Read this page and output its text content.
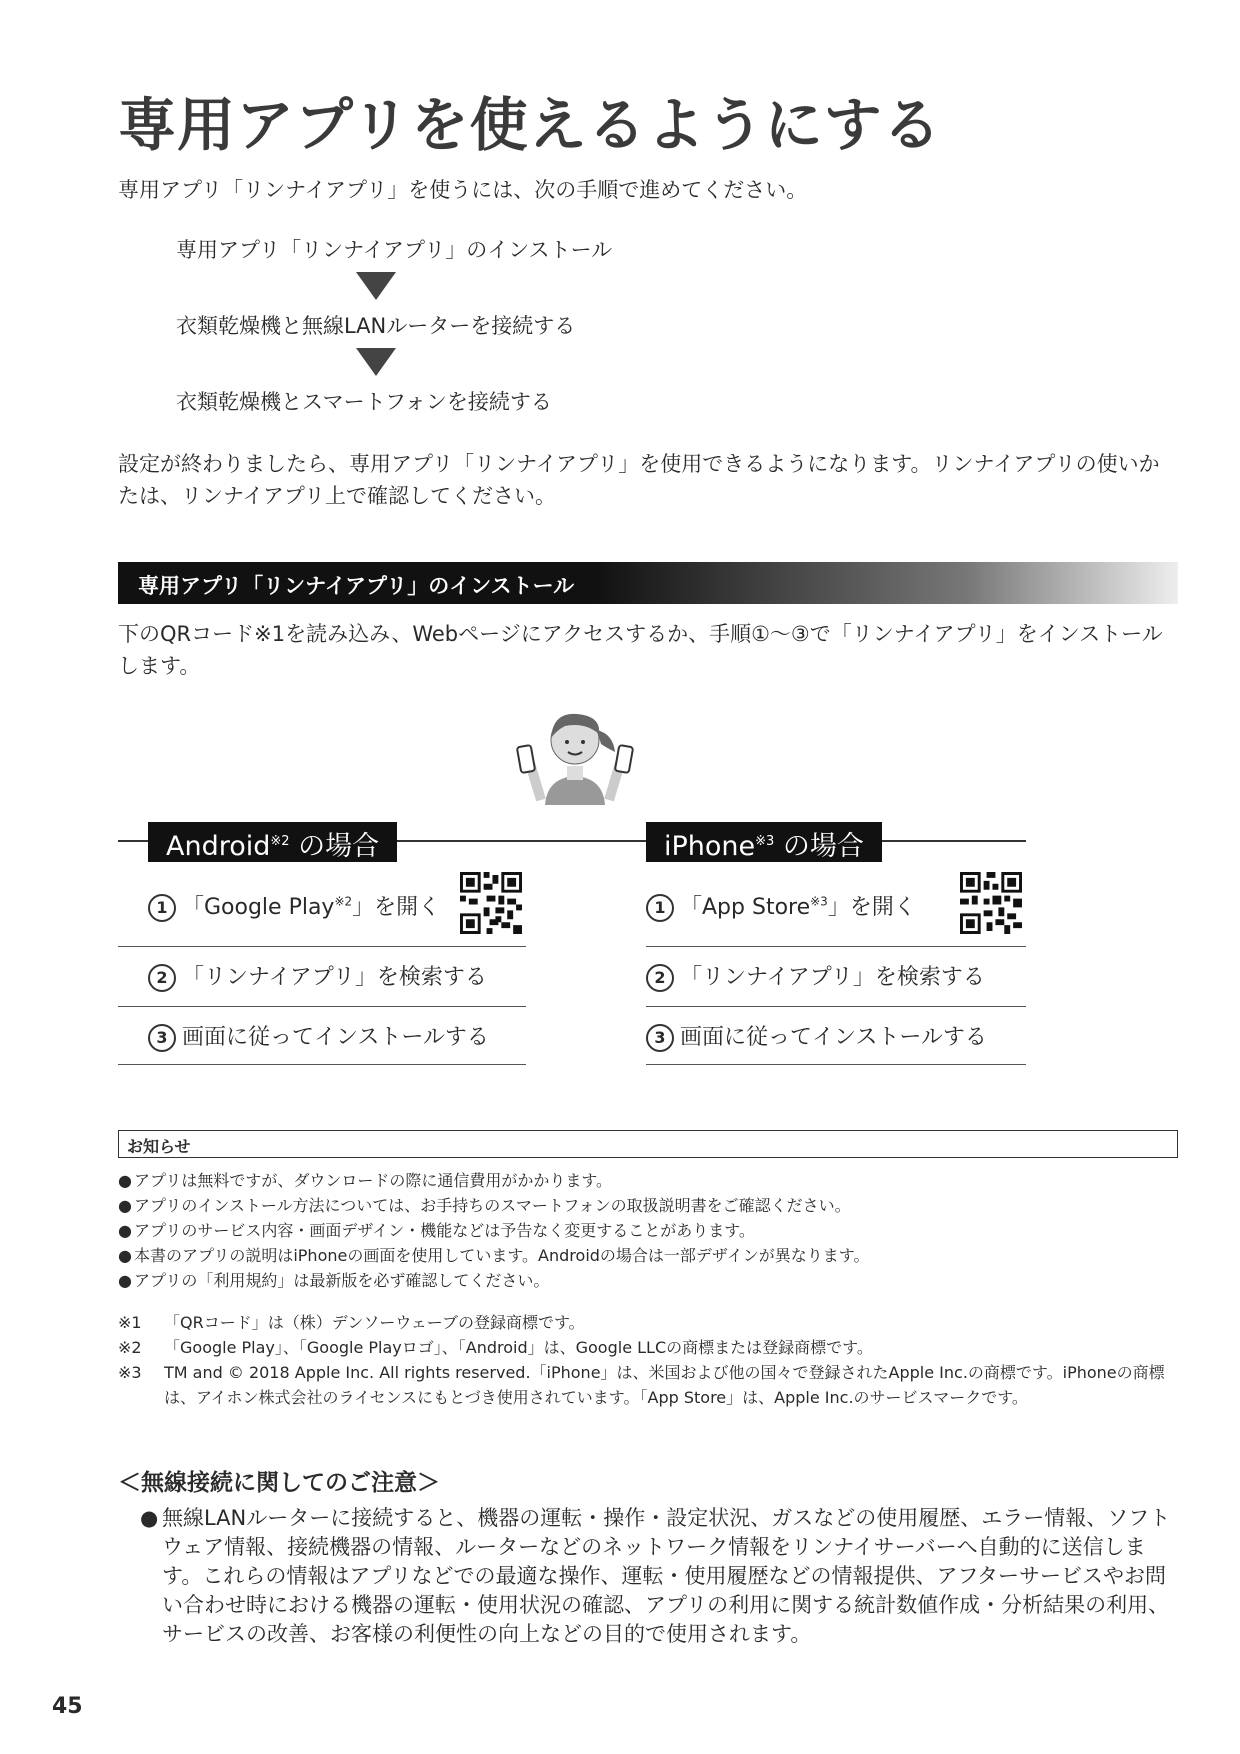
専用アプリを使えるようにする
専用アプリ「リンナイアプリ」を使うには、次の手順で進めてください。
専用アプリ「リンナイアプリ」のインストール
衣類乾燥機と無線LANルーターを接続する
衣類乾燥機とスマートフォンを接続する
設定が終わりましたら、専用アプリ「リンナイアプリ」を使用できるようになります。リンナイアプリの使いかたは、リンナイアプリ上で確認してください。
専用アプリ「リンナイアプリ」のインストール
下のQRコード※1を読み込み、Webページにアクセスするか、手順①～③で「リンナイアプリ」をインストールします。
Android$^{※2}$ の場合
1 「Google Play$^{※2}$」を開く
2 「リンナイアプリ」を検索する
3 画面に従ってインストールする
iPhone$^{※3}$ の場合
1 「App Store$^{※3}$」を開く
2 「リンナイアプリ」を検索する
3 画面に従ってインストールする
お知らせ
● アプリは無料ですが、ダウンロードの際に通信費用がかかります。
● アプリのインストール方法については、お手持ちのスマートフォンの取扱説明書をご確認ください。
● アプリのサービス内容・画面デザイン・機能などは予告なく変更することがあります。
● 本書のアプリの説明はiPhoneの画面を使用しています。Androidの場合は一部デザインが異なります。
● アプリの「利用規約」は最新版を必ず確認してください。
※1	「QRコード」は（株）デンソーウェーブの登録商標です。
※2	「Google Play」、「Google Playロゴ」、「Android」は、Google LLCの商標または登録商標です。
※3	TM and © 2018 Apple Inc. All rights reserved.「iPhone」は、米国および他の国々で登録されたApple Inc.の商標です。iPhoneの商標は、アイホン株式会社のライセンスにもとづき使用されています。「App Store」は、Apple Inc.のサービスマークです。
＜無線接続に関してのご注意＞
● 無線LANルーターに接続すると、機器の運転・操作・設定状況、ガスなどの使用履歴、エラー情報、ソフトウェア情報、接続機器の情報、ルーターなどのネットワーク情報をリンナイサーバーへ自動的に送信します。これらの情報はアプリなどでの最適な操作、運転・使用履歴などの情報提供、アフターサービスやお問い合わせ時における機器の運転・使用状況の確認、アプリの利用に関する統計数値作成・分析結果の利用、サービスの改善、お客様の利便性の向上などの目的で使用されます。
45
